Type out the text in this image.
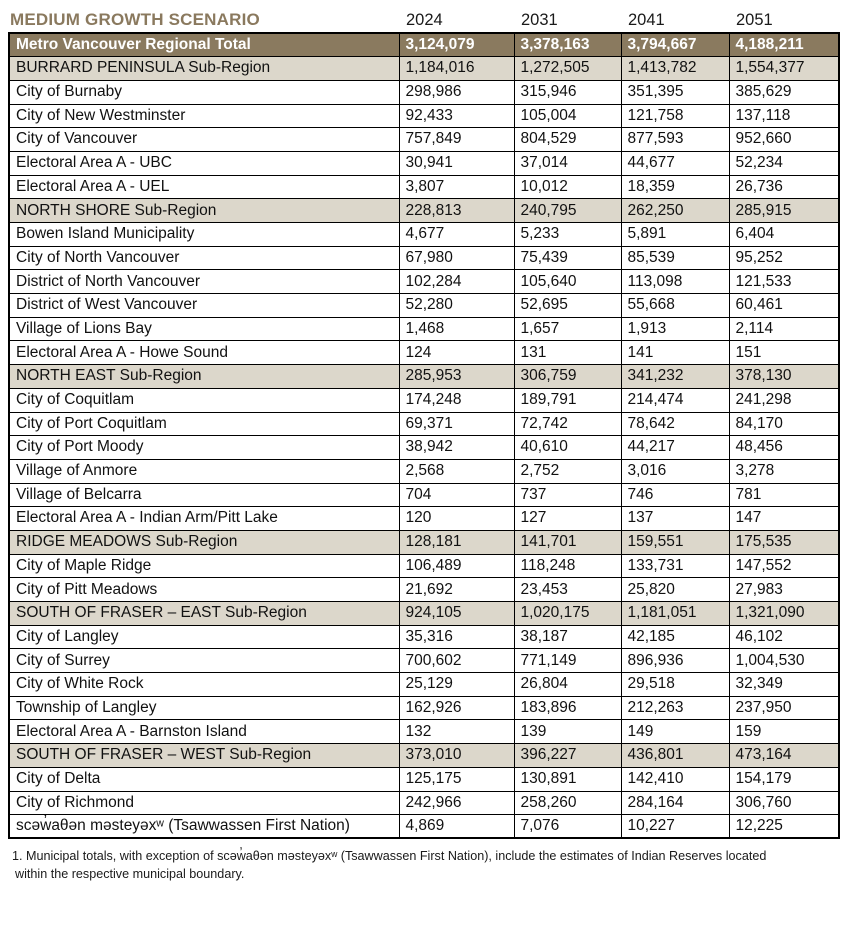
MEDIUM GROWTH SCENARIO	2024	2031	2041	2051
Metro Vancouver Regional Total	3,124,079	3,378,163	3,794,667	4,188,211
BURRARD PENINSULA Sub-Region	1,184,016	1,272,505	1,413,782	1,554,377
City of Burnaby	298,986	315,946	351,395	385,629
City of New Westminster	92,433	105,004	121,758	137,118
City of Vancouver	757,849	804,529	877,593	952,660
Electoral Area A - UBC	30,941	37,014	44,677	52,234
Electoral Area A - UEL	3,807	10,012	18,359	26,736
NORTH SHORE Sub-Region	228,813	240,795	262,250	285,915
Bowen Island Municipality	4,677	5,233	5,891	6,404
City of North Vancouver	67,980	75,439	85,539	95,252
District of North Vancouver	102,284	105,640	113,098	121,533
District of West Vancouver	52,280	52,695	55,668	60,461
Village of Lions Bay	1,468	1,657	1,913	2,114
Electoral Area A - Howe Sound	124	131	141	151
NORTH EAST Sub-Region	285,953	306,759	341,232	378,130
City of Coquitlam	174,248	189,791	214,474	241,298
City of Port Coquitlam	69,371	72,742	78,642	84,170
City of Port Moody	38,942	40,610	44,217	48,456
Village of Anmore	2,568	2,752	3,016	3,278
Village of Belcarra	704	737	746	781
Electoral Area A - Indian Arm/Pitt Lake	120	127	137	147
RIDGE MEADOWS Sub-Region	128,181	141,701	159,551	175,535
City of Maple Ridge	106,489	118,248	133,731	147,552
City of Pitt Meadows	21,692	23,453	25,820	27,983
SOUTH OF FRASER – EAST Sub-Region	924,105	1,020,175	1,181,051	1,321,090
City of Langley	35,316	38,187	42,185	46,102
City of Surrey	700,602	771,149	896,936	1,004,530
City of White Rock	25,129	26,804	29,518	32,349
Township of Langley	162,926	183,896	212,263	237,950
Electoral Area A - Barnston Island	132	139	149	159
SOUTH OF FRASER – WEST Sub-Region	373,010	396,227	436,801	473,164
City of Delta	125,175	130,891	142,410	154,179
City of Richmond	242,966	258,260	284,164	306,760
scəw̓aθən məsteyəxʷ (Tsawwassen First Nation)	4,869	7,076	10,227	12,225
1. Municipal totals, with exception of scəw̓aθən məsteyəxʷ (Tsawwassen First Nation), include the estimates of Indian Reserves located
within the respective municipal boundary.
